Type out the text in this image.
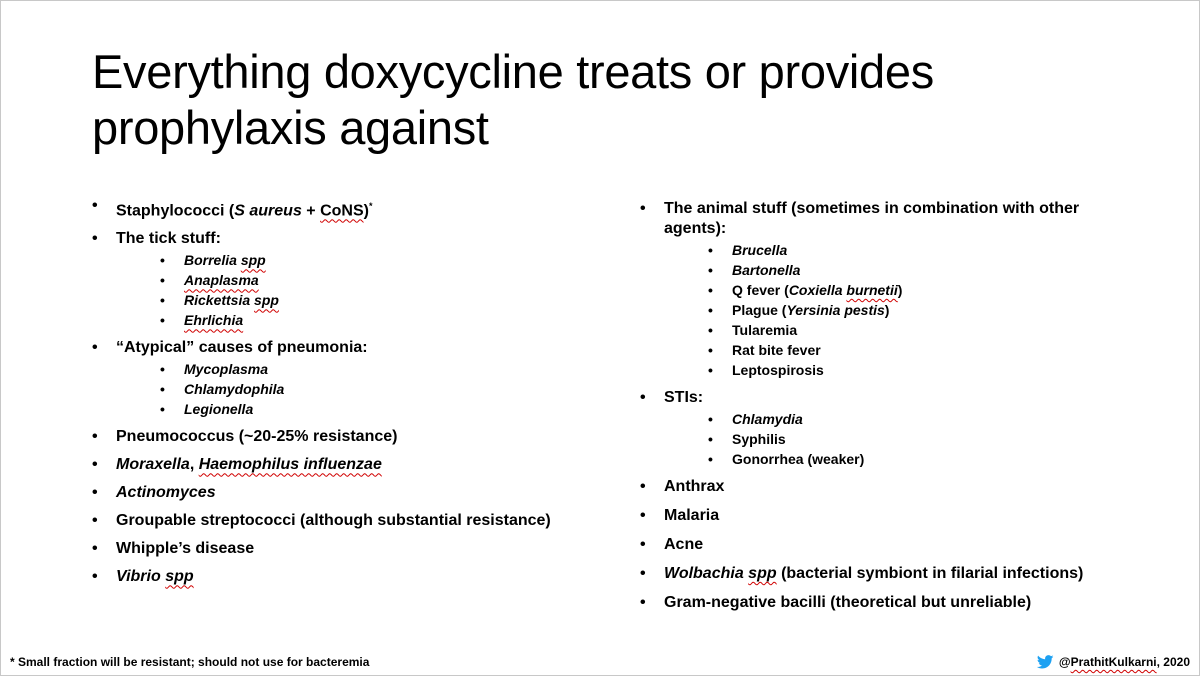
Everything doxycycline treats or provides prophylaxis against
• Staphylococci (S aureus + CoNS)*
• The tick stuff:
• Borrelia spp
• Anaplasma
• Rickettsia spp
• Ehrlichia
• “Atypical” causes of pneumonia:
• Mycoplasma
• Chlamydophila
• Legionella
• Pneumococcus (~20-25% resistance)
• Moraxella, Haemophilus influenzae
• Actinomyces
• Groupable streptococci (although substantial resistance)
• Whipple’s disease
• Vibrio spp
• The animal stuff (sometimes in combination with other agents):
• Brucella
• Bartonella
• Q fever (Coxiella burnetii)
• Plague (Yersinia pestis)
• Tularemia
• Rat bite fever
• Leptospirosis
• STIs:
• Chlamydia
• Syphilis
• Gonorrhea (weaker)
• Anthrax
• Malaria
• Acne
• Wolbachia spp (bacterial symbiont in filarial infections)
• Gram-negative bacilli (theoretical but unreliable)
* Small fraction will be resistant; should not use for bacteremia	@PrathitKulkarni, 2020
